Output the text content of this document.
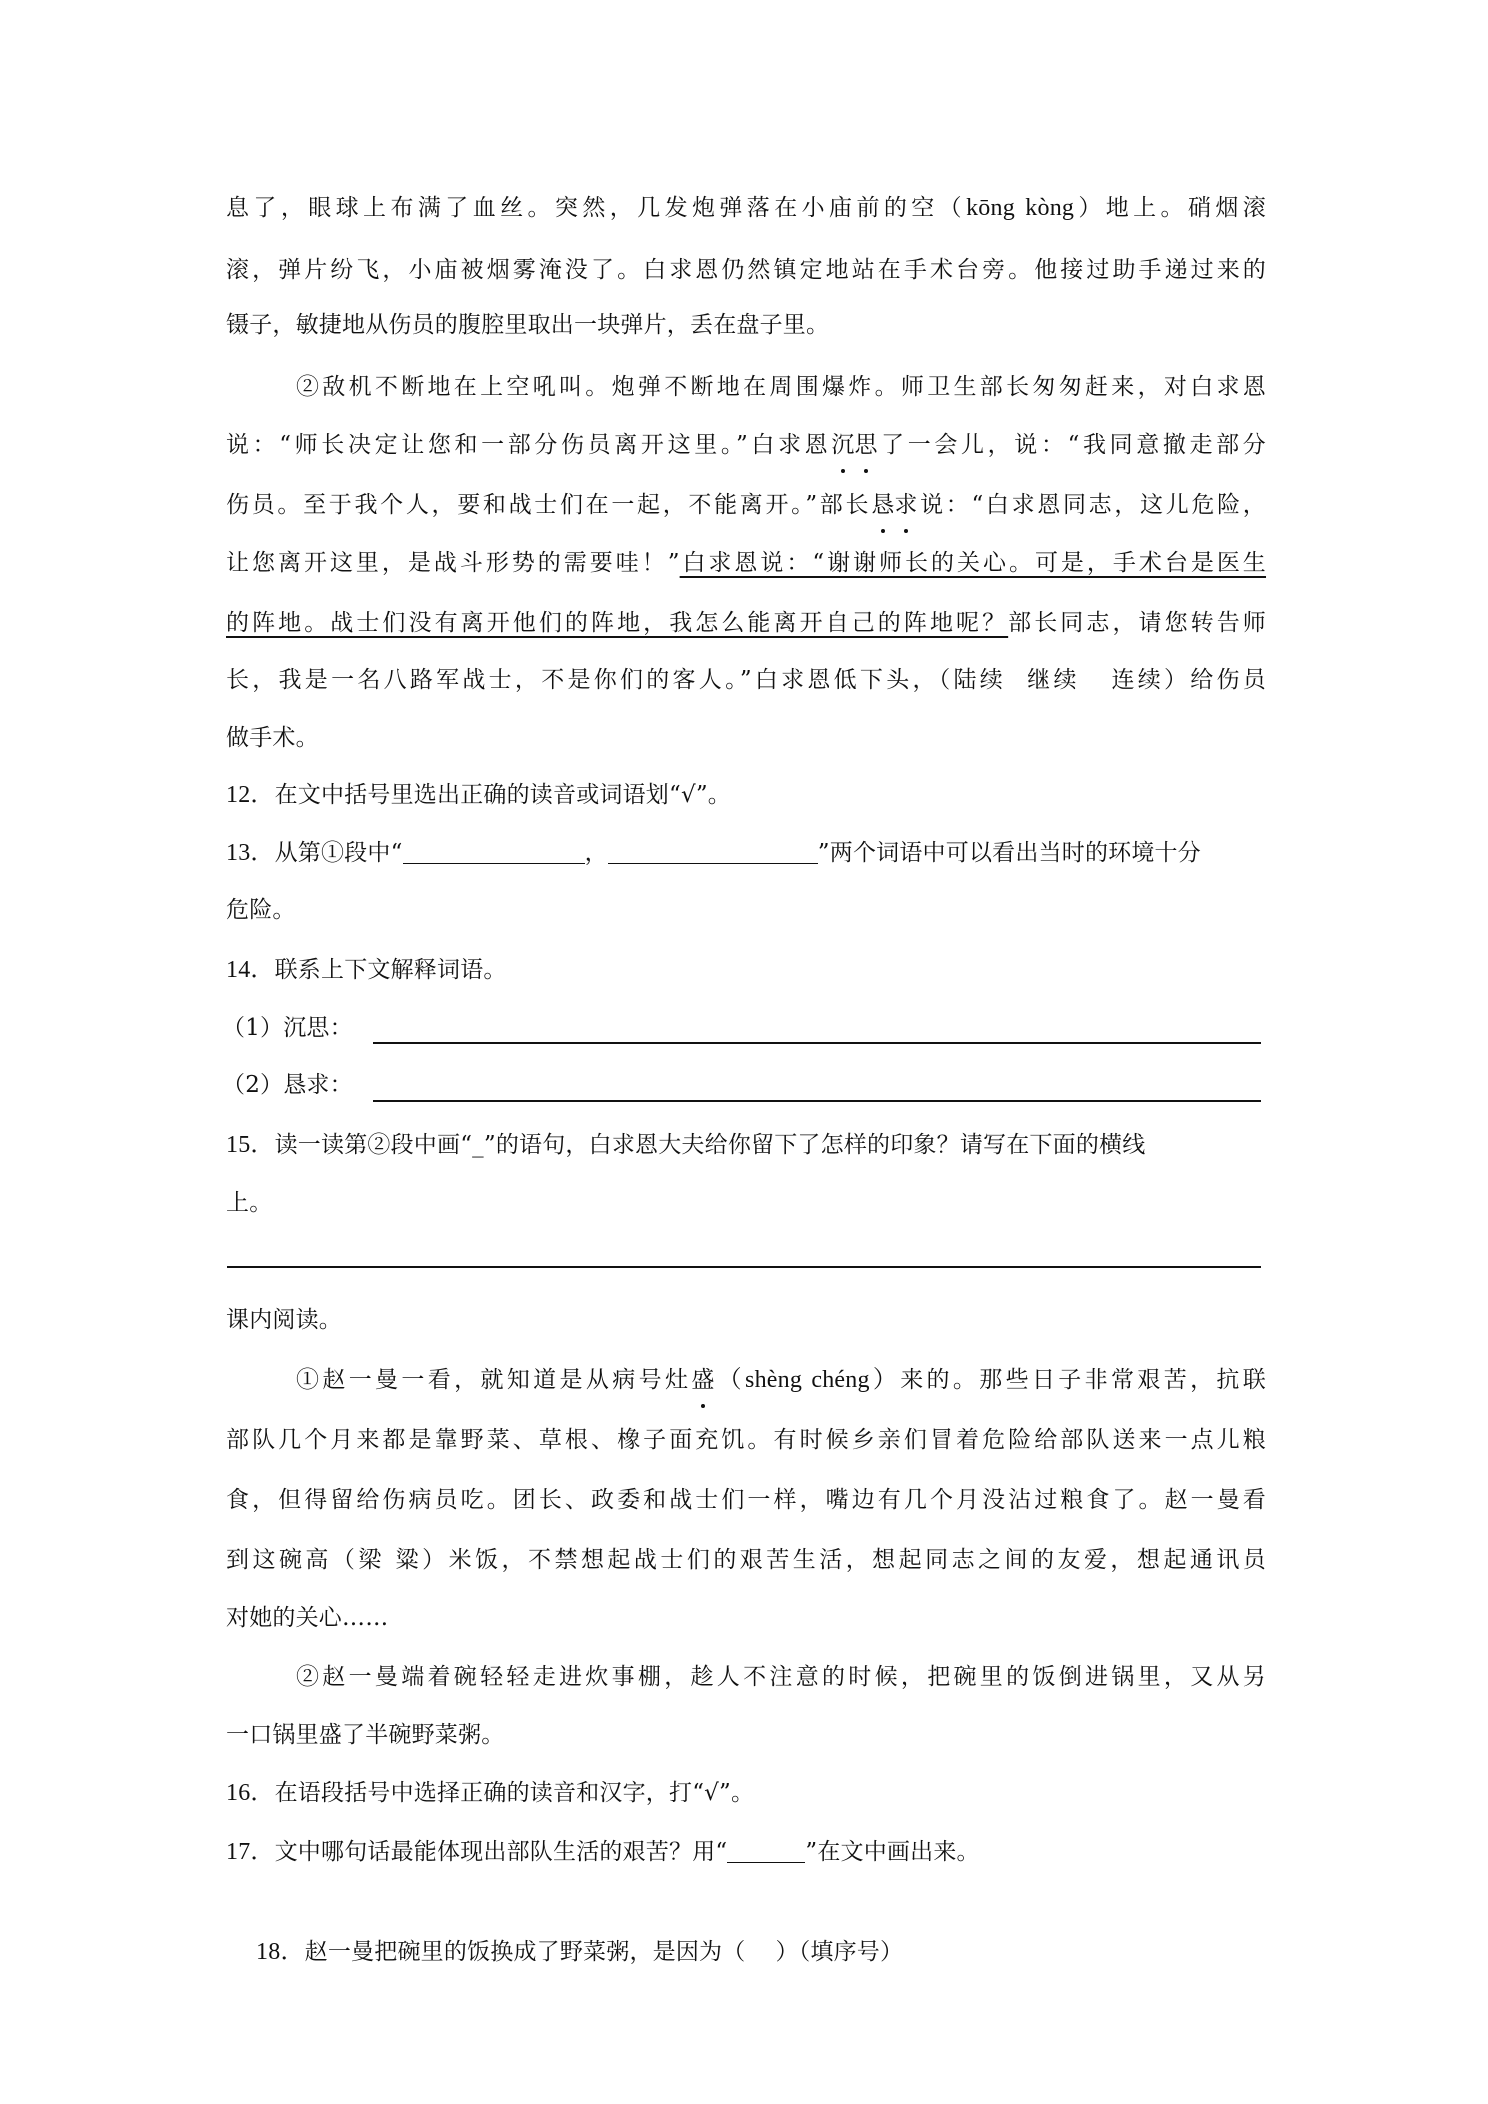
息了，眼球上布满了血丝。突然，几发炮弹落在小庙前的空（kōng kòng）地上。硝烟滚
滚，弹片纷飞，小庙被烟雾淹没了。白求恩仍然镇定地站在手术台旁。他接过助手递过来的
镊子，敏捷地从伤员的腹腔里取出一块弹片，丢在盘子里。
②敌机不断地在上空吼叫。炮弹不断地在周围爆炸。师卫生部长匆匆赶来，对白求恩
说：“师长决定让您和一部分伤员离开这里。”白求恩沉思了一会儿，说：“我同意撤走部分
伤员。至于我个人，要和战士们在一起，不能离开。”部长恳求说：“白求恩同志，这儿危险，
让您离开这里，是战斗形势的需要哇！”白求恩说：“谢谢师长的关心。可是，手术台是医生
的阵地。战士们没有离开他们的阵地，我怎么能离开自己的阵地呢？部长同志，请您转告师
长，我是一名八路军战士，不是你们的客人。”白求恩低下头，（陆续  继续   连续）给伤员
做手术。
12．在文中括号里选出正确的读音或词语划“√”。
13．从第①段中“	，	”两个词语中可以看出当时的环境十分
危险。
14．联系上下文解释词语。
（1）沉思：
（2）恳求：
15．读一读第②段中画“_”的语句，白求恩大夫给你留下了怎样的印象？请写在下面的横线
上。
课内阅读。
①赵一曼一看，就知道是从病号灶盛（shèng chéng）来的。那些日子非常艰苦，抗联
部队几个月来都是靠野菜、草根、橡子面充饥。有时候乡亲们冒着危险给部队送来一点儿粮
食，但得留给伤病员吃。团长、政委和战士们一样，嘴边有几个月没沾过粮食了。赵一曼看
到这碗高（梁 粱）米饭，不禁想起战士们的艰苦生活，想起同志之间的友爱，想起通讯员
对她的关心……
②赵一曼端着碗轻轻走进炊事棚，趁人不注意的时候，把碗里的饭倒进锅里，又从另
一口锅里盛了半碗野菜粥。
16．在语段括号中选择正确的读音和汉字，打“√”。
17．文中哪句话最能体现出部队生活的艰苦？用“	”在文中画出来。

18．赵一曼把碗里的饭换成了野菜粥，是因为（    ）（填序号）
